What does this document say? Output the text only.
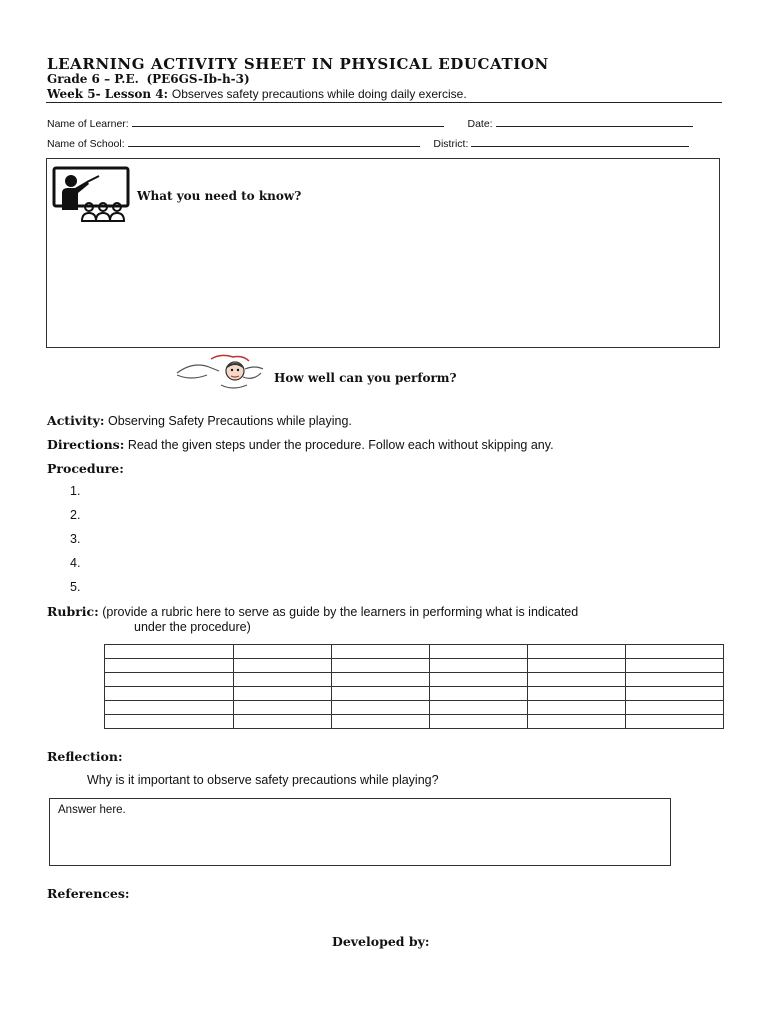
LEARNING ACTIVITY SHEET IN PHYSICAL EDUCATION
Grade 6 – P.E. (PE6GS-Ib-h-3)
Week 5- Lesson 4: Observes safety precautions while doing daily exercise.
Name of Learner:	Date:
Name of School:	District:
What you need to know?
How well can you perform?
Activity: Observing Safety Precautions while playing.
Directions: Read the given steps under the procedure. Follow each without skipping any.
Procedure:
1.
2.
3.
4.
5.
Rubric: (provide a rubric here to serve as guide by the learners in performing what is indicated
under the procedure)

Reflection:
Why is it important to observe safety precautions while playing?
Answer here.
References:
Developed by:
